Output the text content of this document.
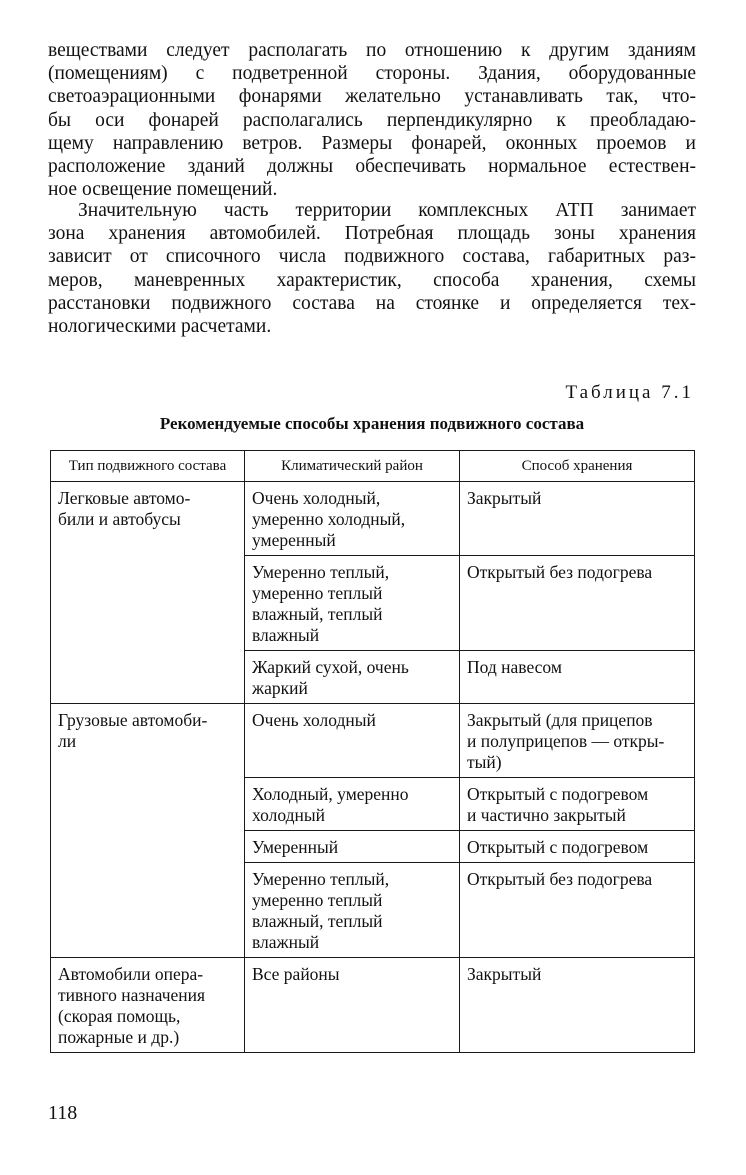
веществами следует располагать по отношению к другим зданиям
(помещениям) с подветренной стороны. Здания, оборудованные
светоаэрационными фонарями желательно устанавливать так, что-
бы оси фонарей располагались перпендикулярно к преобладаю-
щему направлению ветров. Размеры фонарей, оконных проемов и
расположение зданий должны обеспечивать нормальное естествен-
ное освещение помещений.
Значительную часть территории комплексных АТП занимает
зона хранения автомобилей. Потребная площадь зоны хранения
зависит от списочного числа подвижного состава, габаритных раз-
меров, маневренных характеристик, способа хранения, схемы
расстановки подвижного состава на стоянке и определяется тех-
нологическими расчетами.
Таблица 7.1
Рекомендуемые способы хранения подвижного состава
Тип подвижного состава	Климатический район	Способ хранения
Легковые автомо-
били и автобусы	Очень холодный,
умеренно холодный,
умеренный	Закрытый
	Умеренно теплый,
умеренно теплый
влажный, теплый
влажный	Открытый без подогрева
	Жаркий сухой, очень
жаркий	Под навесом
Грузовые автомоби-
ли	Очень холодный	Закрытый (для прицепов
и полуприцепов — откры-
тый)
	Холодный, умеренно
холодный	Открытый с подогревом
и частично закрытый
	Умеренный	Открытый с подогревом
	Умеренно теплый,
умеренно теплый
влажный, теплый
влажный	Открытый без подогрева
Автомобили опера-
тивного назначения
(скорая помощь,
пожарные и др.)	Все районы	Закрытый
118
